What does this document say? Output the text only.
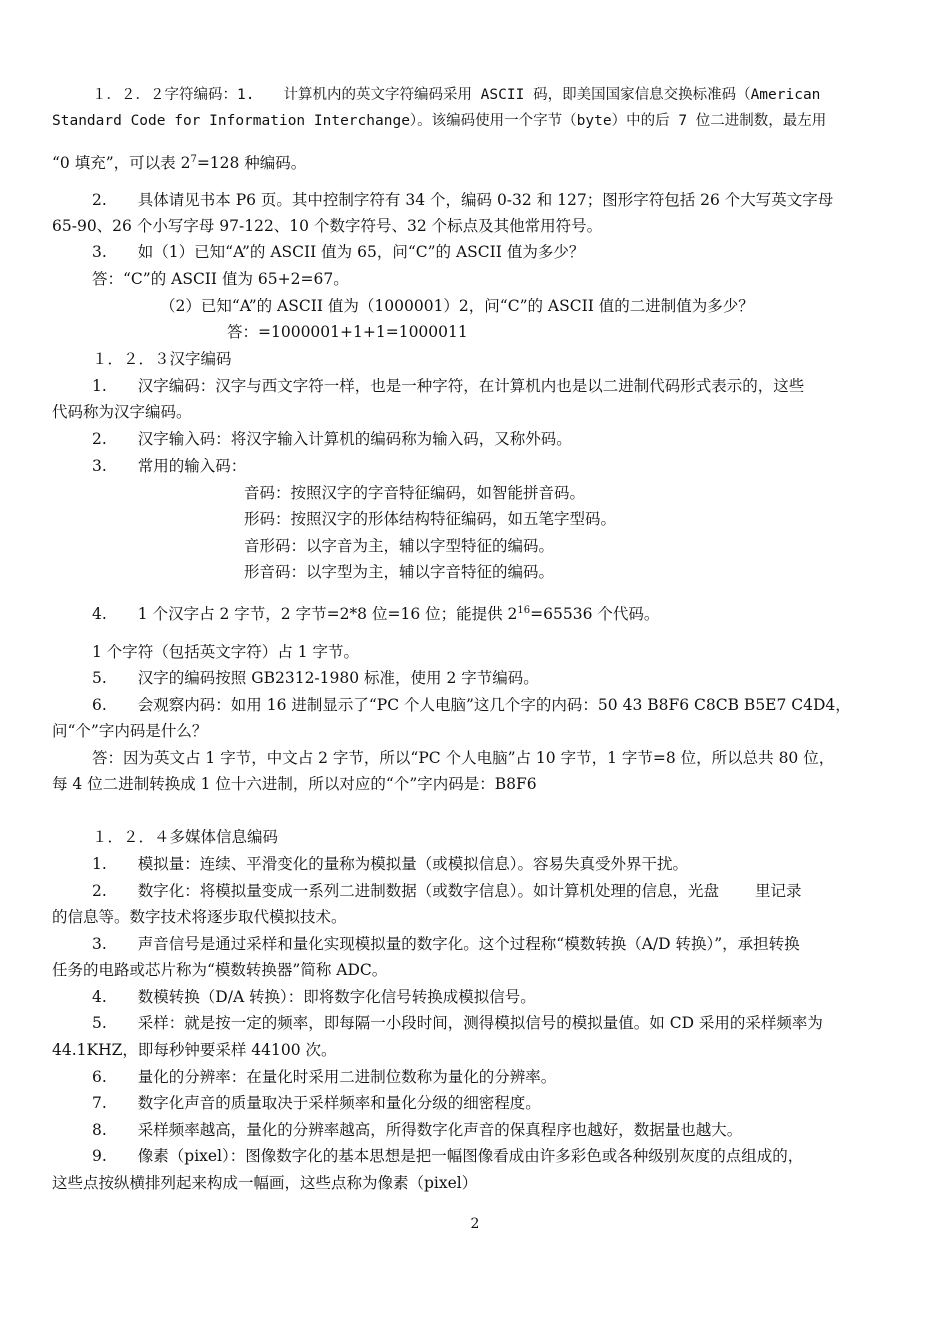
１．２．２字符编码：1.　　计算机内的英文字符编码采用 ASCII 码，即美国国家信息交换标准码（American
Standard Code for Information Interchange）。该编码使用一个字节（byte）中的后 7 位二进制数，最左用
“0 填充”，可以表 $2^7=128$ 种编码。
2.　　具体请见书本 P6 页。其中控制字符有 34 个，编码 0-32 和 127；图形字符包括 26 个大写英文字母
65-90、26 个小写字母 97-122、10 个数字符号、32 个标点及其他常用符号。
3.　　如（1）已知“A”的 ASCII 值为 65，问“C”的 ASCII 值为多少？
答：“C”的 ASCII 值为 65+2=67。
（2）已知“A”的 ASCII 值为（1000001）2，问“C”的 ASCII 值的二进制值为多少？
答：=1000001+1+1=1000011
１．２．３汉字编码
1.　　汉字编码：汉字与西文字符一样，也是一种字符，在计算机内也是以二进制代码形式表示的，这些
代码称为汉字编码。
2.　　汉字输入码：将汉字输入计算机的编码称为输入码，又称外码。
3.　　常用的输入码：
音码：按照汉字的字音特征编码，如智能拼音码。
形码：按照汉字的形体结构特征编码，如五笔字型码。
音形码：以字音为主，辅以字型特征的编码。
形音码：以字型为主，辅以字音特征的编码。
4.　　1 个汉字占 2 字节，2 字节=2*8 位=16 位；能提供 $2^{16}=65536$ 个代码。
1 个字符（包括英文字符）占 1 字节。
5.　　汉字的编码按照 GB2312-1980 标准，使用 2 字节编码。
6.　　会观察内码：如用 16 进制显示了“PC 个人电脑”这几个字的内码：50 43 B8F6 C8CB B5E7 C4D4，
问“个”字内码是什么？
答：因为英文占 1 字节，中文占 2 字节，所以“PC 个人电脑”占 10 字节，1 字节=8 位，所以总共 80 位，
每 4 位二进制转换成 1 位十六进制，所以对应的“个”字内码是：B8F6
１．２．４多媒体信息编码
1.　　模拟量：连续、平滑变化的量称为模拟量（或模拟信息）。容易失真受外界干扰。
2.　　数字化：将模拟量变成一系列二进制数据（或数字信息）。如计算机处理的信息，光盘　　 里记录
的信息等。数字技术将逐步取代模拟技术。
3.　　声音信号是通过采样和量化实现模拟量的数字化。这个过程称“模数转换（A/D 转换）”，承担转换
任务的电路或芯片称为“模数转换器”简称 ADC。
4.　　数模转换（D/A 转换）：即将数字化信号转换成模拟信号。
5.　　采样：就是按一定的频率，即每隔一小段时间，测得模拟信号的模拟量值。如 CD 采用的采样频率为
44.1KHZ，即每秒钟要采样 44100 次。
6.　　量化的分辨率：在量化时采用二进制位数称为量化的分辨率。
7.　　数字化声音的质量取决于采样频率和量化分级的细密程度。
8.　　采样频率越高，量化的分辨率越高，所得数字化声音的保真程序也越好，数据量也越大。
9.　　像素（pixel）：图像数字化的基本思想是把一幅图像看成由许多彩色或各种级别灰度的点组成的，
这些点按纵横排列起来构成一幅画，这些点称为像素（pixel）
2
